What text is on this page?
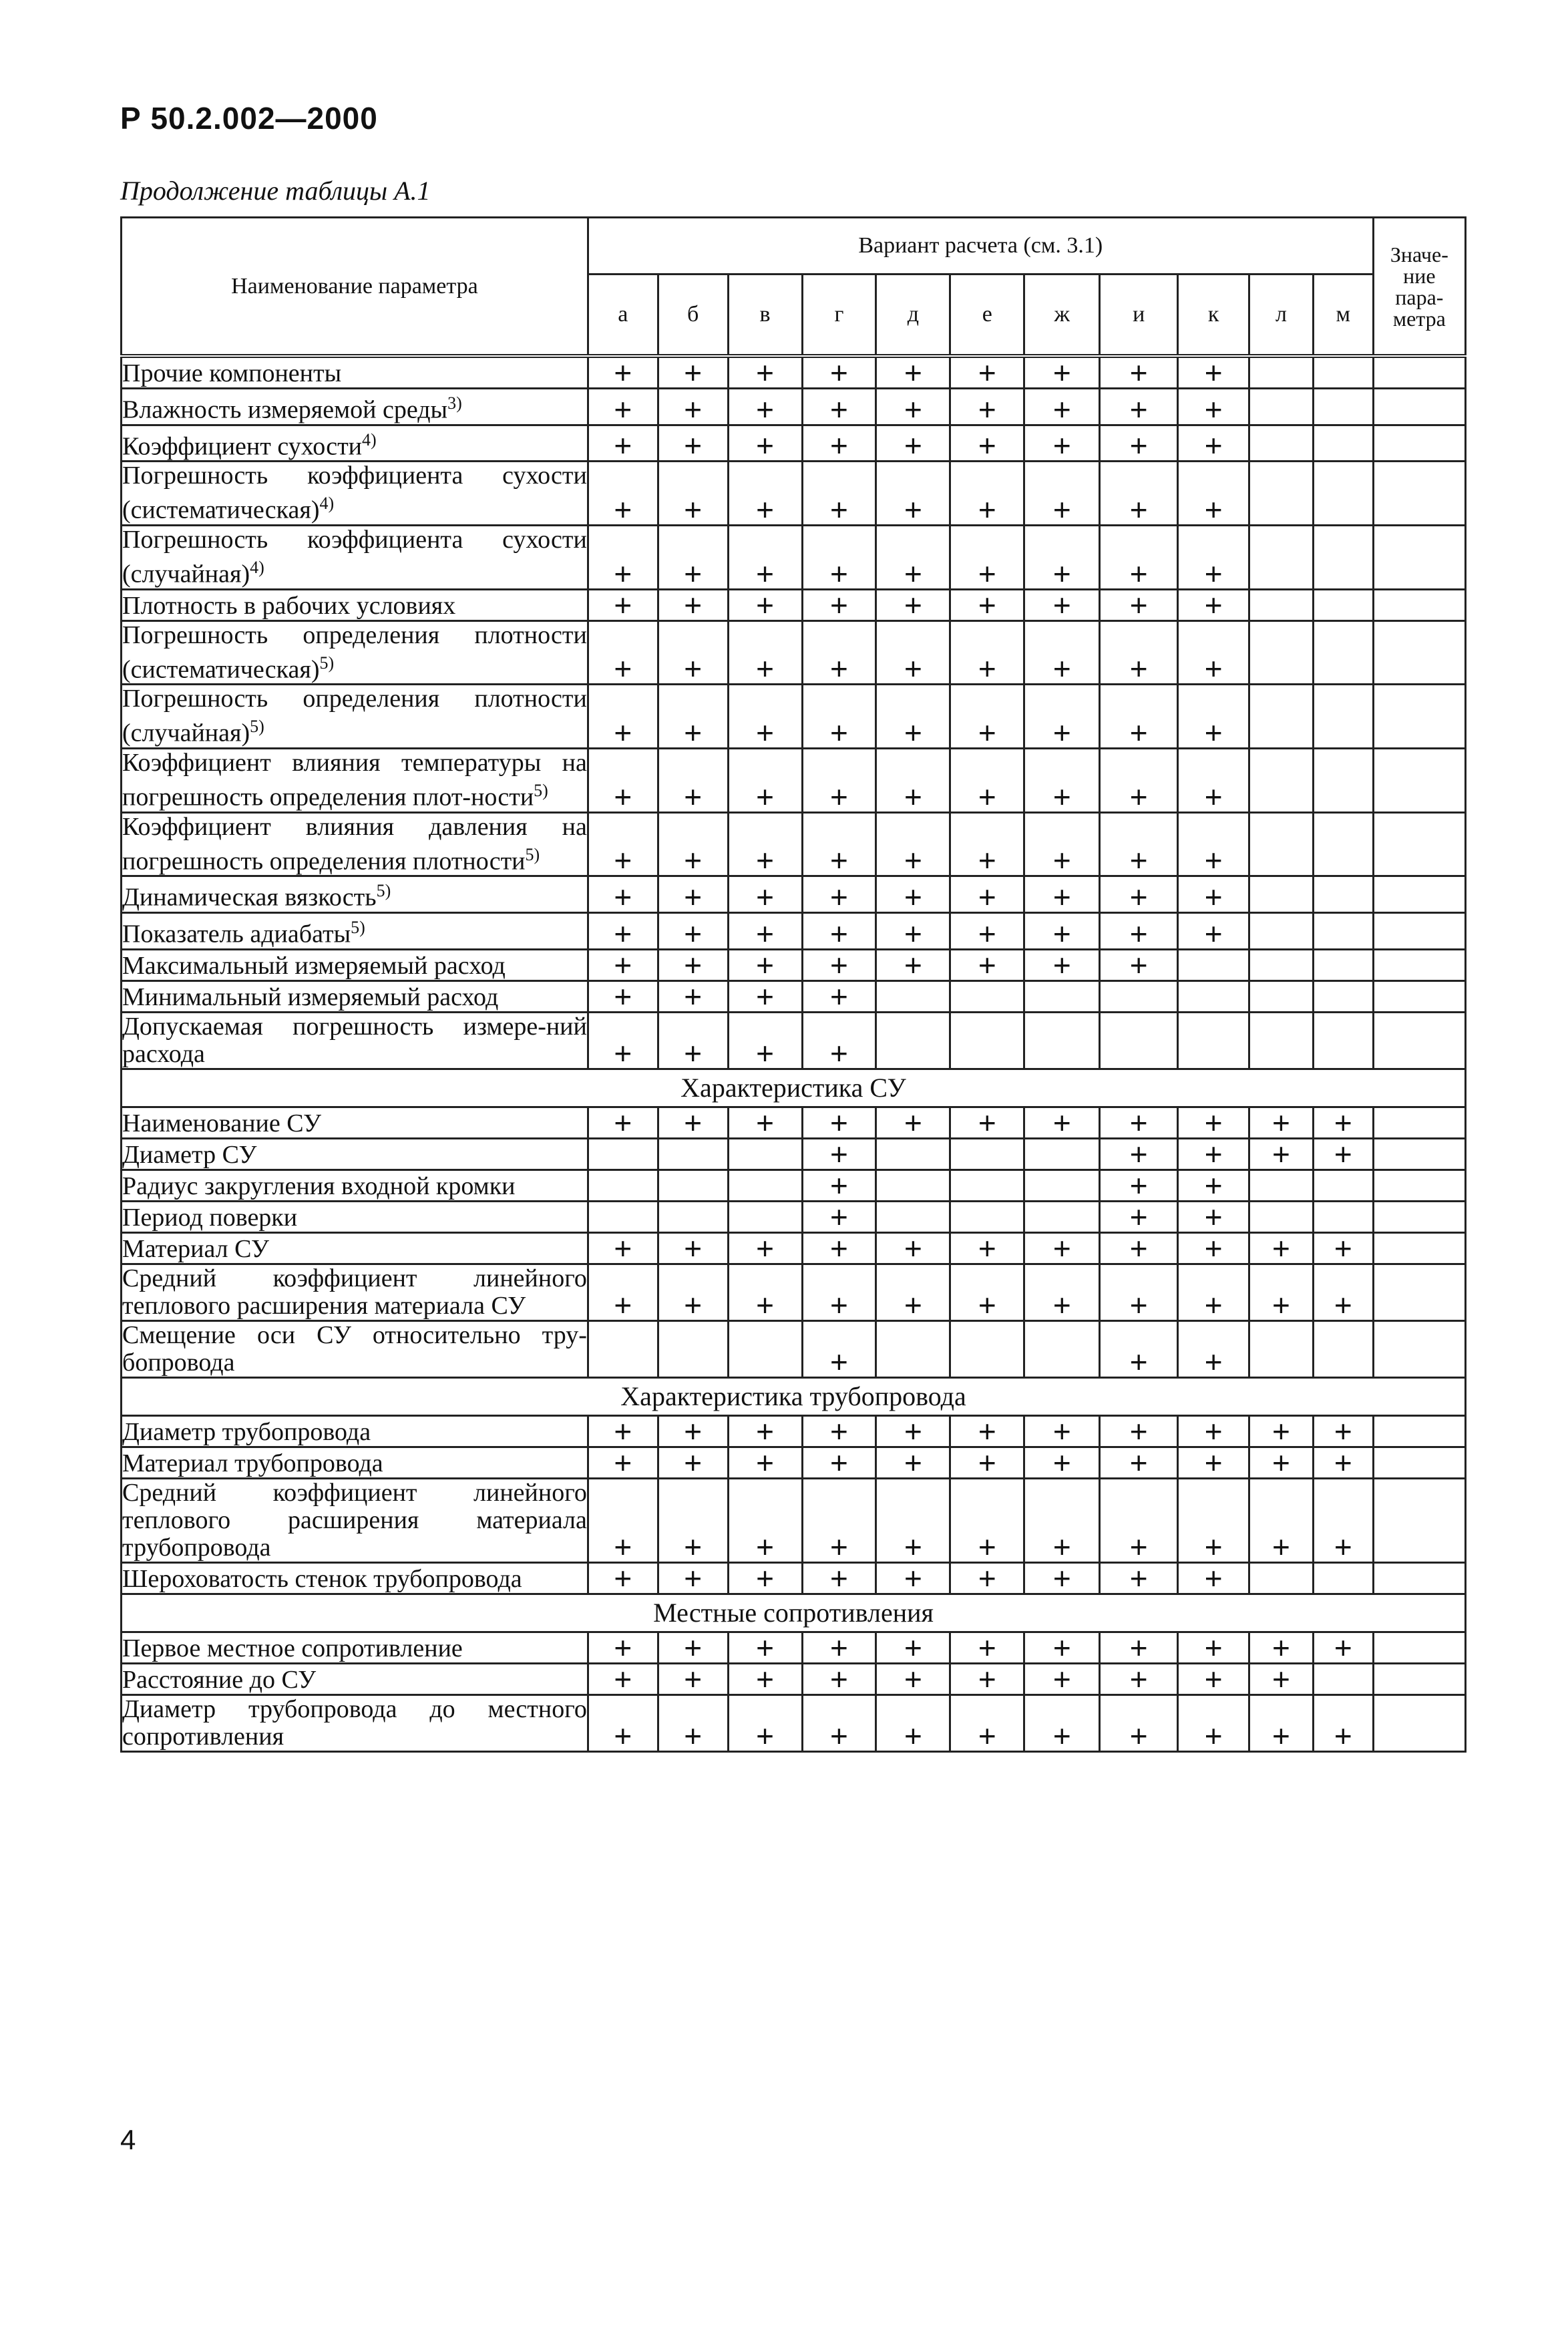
Р 50.2.002—2000
Продолжение таблицы А.1
Наименование параметра	Вариант расчета (см. 3.1)											Значе-
ние
пара-
метра
	а	б	в	г	д	е	ж	и	к	л	м	
Прочие компоненты	+	+	+	+	+	+	+	+	+			
Влажность измеряемой среды$^{3)}$	+	+	+	+	+	+	+	+	+			
Коэффициент сухости$^{4)}$	+	+	+	+	+	+	+	+	+			
Погрешность коэффициента сухости (систематическая)$^{4)}$	+	+	+	+	+	+	+	+	+			
Погрешность коэффициента сухости (случайная)$^{4)}$	+	+	+	+	+	+	+	+	+			
Плотность в рабочих условиях	+	+	+	+	+	+	+	+	+			
Погрешность определения плотности (систематическая)$^{5)}$	+	+	+	+	+	+	+	+	+			
Погрешность определения плотности (случайная)$^{5)}$	+	+	+	+	+	+	+	+	+			
Коэффициент влияния температуры на погрешность определения плот-ности$^{5)}$	+	+	+	+	+	+	+	+	+			
Коэффициент влияния давления на погрешность определения плотности$^{5)}$	+	+	+	+	+	+	+	+	+			
Динамическая вязкость$^{5)}$	+	+	+	+	+	+	+	+	+			
Показатель адиабаты$^{5)}$	+	+	+	+	+	+	+	+	+			
Максимальный измеряемый расход	+	+	+	+	+	+	+	+				
Минимальный измеряемый расход	+	+	+	+								
Допускаемая погрешность измере-ний расхода	+	+	+	+								
Характеристика СУ												
Наименование СУ	+	+	+	+	+	+	+	+	+	+	+	
Диаметр СУ				+				+	+	+	+	
Радиус закругления входной кромки				+				+	+			
Период поверки				+				+	+			
Материал СУ	+	+	+	+	+	+	+	+	+	+	+	
Средний коэффициент линейного теплового расширения материала СУ	+	+	+	+	+	+	+	+	+	+	+	
Смещение оси СУ относительно тру-бопровода				+				+	+			
Характеристика трубопровода												
Диаметр трубопровода	+	+	+	+	+	+	+	+	+	+	+	
Материал трубопровода	+	+	+	+	+	+	+	+	+	+	+	
Средний коэффициент линейного теплового расширения материала трубопровода	+	+	+	+	+	+	+	+	+	+	+	
Шероховатость стенок трубопровода	+	+	+	+	+	+	+	+	+			
Местные сопротивления												
Первое местное сопротивление	+	+	+	+	+	+	+	+	+	+	+	
Расстояние до СУ	+	+	+	+	+	+	+	+	+	+		
Диаметр трубопровода до местного сопротивления	+	+	+	+	+	+	+	+	+	+	+	
4
